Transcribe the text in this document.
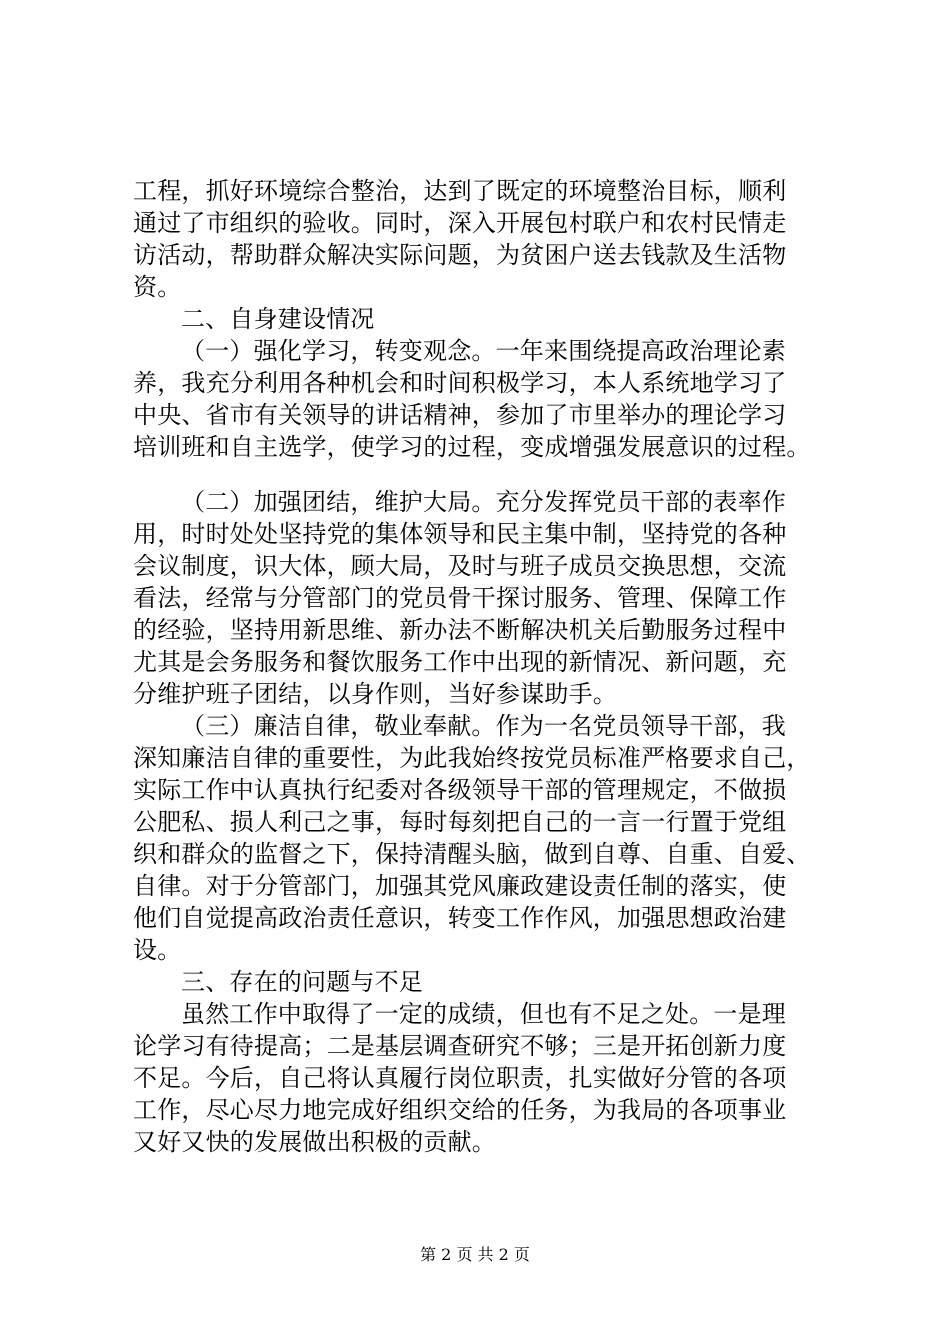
工程，抓好环境综合整治，达到了既定的环境整治目标，顺利
通过了市组织的验收。同时，深入开展包村联户和农村民情走
访活动，帮助群众解决实际问题，为贫困户送去钱款及生活物
资。
二、自身建设情况
（一）强化学习，转变观念。一年来围绕提高政治理论素
养，我充分利用各种机会和时间积极学习，本人系统地学习了
中央、省市有关领导的讲话精神，参加了市里举办的理论学习
培训班和自主选学，使学习的过程，变成增强发展意识的过程。
（二）加强团结，维护大局。充分发挥党员干部的表率作
用，时时处处坚持党的集体领导和民主集中制，坚持党的各种
会议制度，识大体，顾大局，及时与班子成员交换思想，交流
看法，经常与分管部门的党员骨干探讨服务、管理、保障工作
的经验，坚持用新思维、新办法不断解决机关后勤服务过程中
尤其是会务服务和餐饮服务工作中出现的新情况、新问题，充
分维护班子团结，以身作则，当好参谋助手。
（三）廉洁自律，敬业奉献。作为一名党员领导干部，我
深知廉洁自律的重要性，为此我始终按党员标准严格要求自己，
实际工作中认真执行纪委对各级领导干部的管理规定，不做损
公肥私、损人利己之事，每时每刻把自己的一言一行置于党组
织和群众的监督之下，保持清醒头脑，做到自尊、自重、自爱、
自律。对于分管部门，加强其党风廉政建设责任制的落实，使
他们自觉提高政治责任意识，转变工作作风，加强思想政治建
设。
三、存在的问题与不足
虽然工作中取得了一定的成绩，但也有不足之处。一是理
论学习有待提高；二是基层调查研究不够；三是开拓创新力度
不足。今后，自己将认真履行岗位职责，扎实做好分管的各项
工作，尽心尽力地完成好组织交给的任务，为我局的各项事业
又好又快的发展做出积极的贡献。
第 2 页 共 2 页
